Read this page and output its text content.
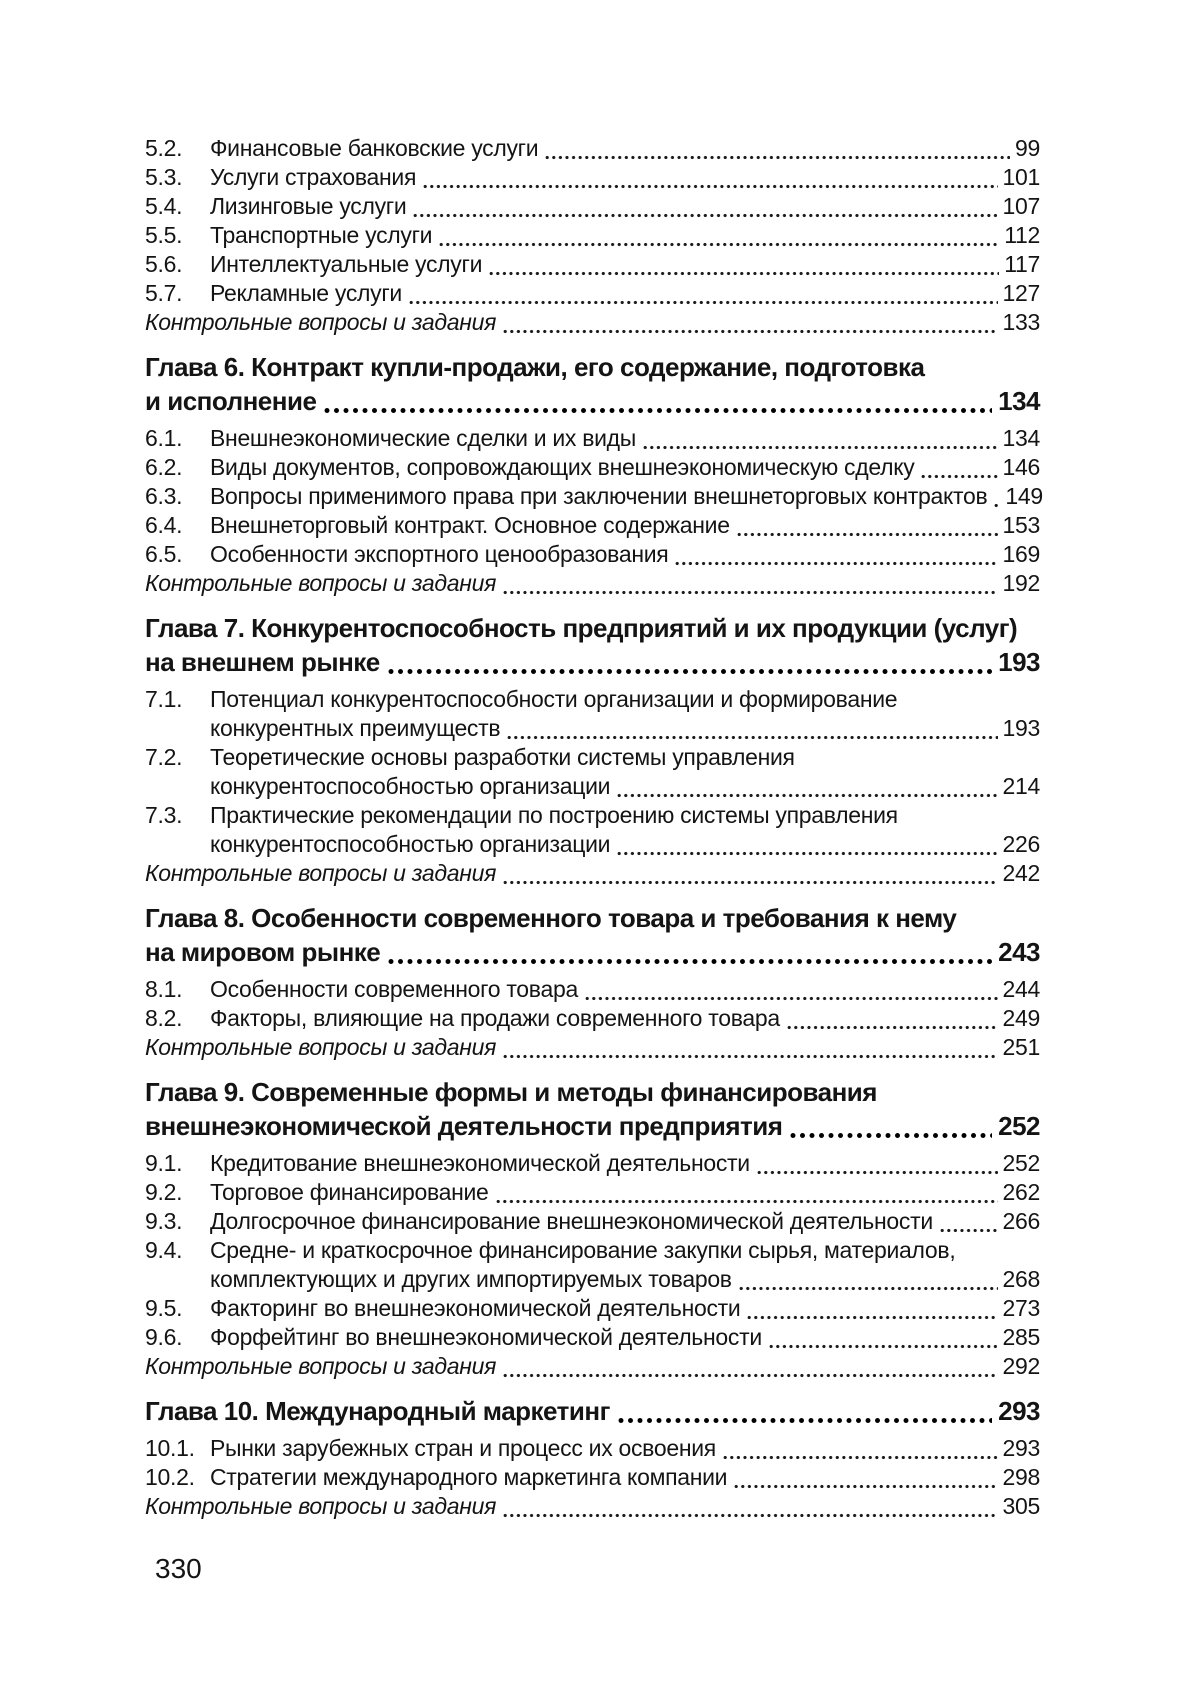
5.2.	Финансовые банковские услуги	99
5.3.	Услуги страхования	101
5.4.	Лизинговые услуги	107
5.5.	Транспортные услуги	112
5.6.	Интеллектуальные услуги	117
5.7.	Рекламные услуги	127
Контрольные вопросы и задания	133
Глава 6. Контракт купли-продажи, его содержание, подготовка
и исполнение	134
6.1.	Внешнеэкономические сделки и их виды	134
6.2.	Виды документов, сопровождающих внешнеэкономическую сделку	146
6.3.	Вопросы применимого права при заключении внешнеторговых контрактов 149
6.4.	Внешнеторговый контракт. Основное содержание	153
6.5.	Особенности экспортного ценообразования	169
Контрольные вопросы и задания	192
Глава 7. Конкурентоспособность предприятий и их продукции (услуг)
на внешнем рынке	193
7.1.	Потенциал конкурентоспособности организации и формирование
конкурентных преимуществ	193
7.2.	Теоретические основы разработки системы управления
конкурентоспособностью организации	214
7.3.	Практические рекомендации по построению системы управления
конкурентоспособностью организации	226
Контрольные вопросы и задания	242
Глава 8. Особенности современного товара и требования к нему
на мировом рынке	243
8.1.	Особенности современного товара	244
8.2.	Факторы, влияющие на продажи современного товара	249
Контрольные вопросы и задания	251
Глава 9. Современные формы и методы финансирования
внешнеэкономической деятельности предприятия	252
9.1.	Кредитование внешнеэкономической деятельности	252
9.2.	Торговое финансирование	262
9.3.	Долгосрочное финансирование внешнеэкономической деятельности	266
9.4.	Средне- и краткосрочное финансирование закупки сырья, материалов,
комплектующих и других импортируемых товаров	268
9.5.	Факторинг во внешнеэкономической деятельности	273
9.6.	Форфейтинг во внешнеэкономической деятельности	285
Контрольные вопросы и задания	292
Глава 10. Международный маркетинг	293
10.1. Рынки зарубежных стран и процесс их освоения	293
10.2. Стратегии международного маркетинга компании	298
Контрольные вопросы и задания	305
330
